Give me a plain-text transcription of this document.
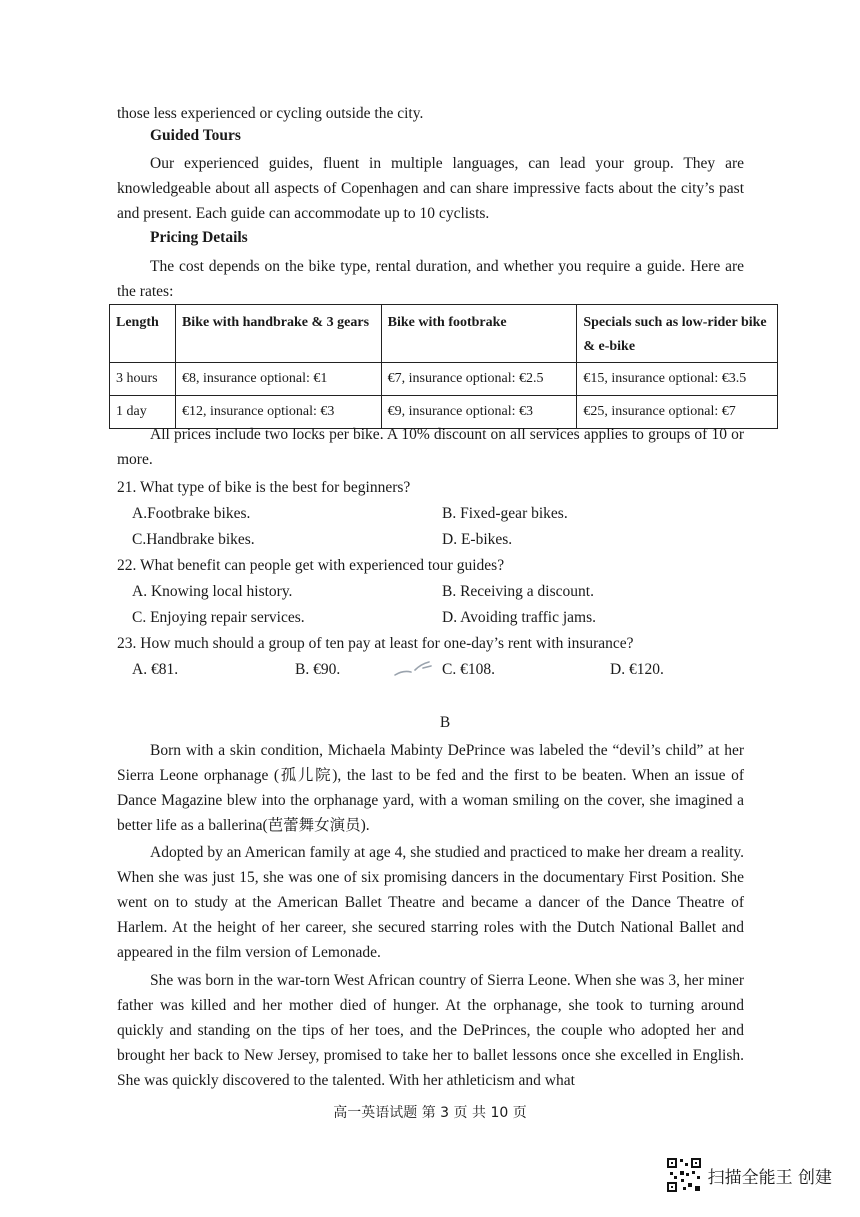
those less experienced or cycling outside the city.
Guided Tours
Our experienced guides, fluent in multiple languages, can lead your group. They are knowledgeable about all aspects of Copenhagen and can share impressive facts about the city’s past and present. Each guide can accommodate up to 10 cyclists.
Pricing Details
The cost depends on the bike type, rental duration, and whether you require a guide. Here are the rates:
Length	Bike with handbrake & 3 gears	Bike with footbrake	Specials such as low-rider bike & e-bike
3 hours	€8, insurance optional: €1	€7, insurance optional: €2.5	€15, insurance optional: €3.5
1 day	€12, insurance optional: €3	€9, insurance optional: €3	€25, insurance optional: €7
All prices include two locks per bike. A 10% discount on all services applies to groups of 10 or more.
21. What type of bike is the best for beginners?
A.Footbrake bikes.	B. Fixed-gear bikes.
C.Handbrake bikes.	D. E-bikes.
22. What benefit can people get with experienced tour guides?
A. Knowing local history.	B. Receiving a discount.
C. Enjoying repair services.	D. Avoiding traffic jams.
23. How much should a group of ten pay at least for one-day’s rent with insurance?
A. €81.	B. €90.	C. €108.	D. €120.
B
Born with a skin condition, Michaela Mabinty DePrince was labeled the “devil’s child” at her Sierra Leone orphanage (孤儿院), the last to be fed and the first to be beaten. When an issue of Dance Magazine blew into the orphanage yard, with a woman smiling on the cover, she imagined a better life as a ballerina(芭蕾舞女演员).
Adopted by an American family at age 4, she studied and practiced to make her dream a reality. When she was just 15, she was one of six promising dancers in the documentary First Position. She went on to study at the American Ballet Theatre and became a dancer of the Dance Theatre of Harlem. At the height of her career, she secured starring roles with the Dutch National Ballet and appeared in the film version of Lemonade.
She was born in the war-torn West African country of Sierra Leone. When she was 3, her miner father was killed and her mother died of hunger. At the orphanage, she took to turning around quickly and standing on the tips of her toes, and the DePrinces, the couple who adopted her and brought her back to New Jersey, promised to take her to ballet lessons once she excelled in English. She was quickly discovered to the talented. With her athleticism and what
高一英语试题 第 3 页 共 10 页
扫描全能王 创建
